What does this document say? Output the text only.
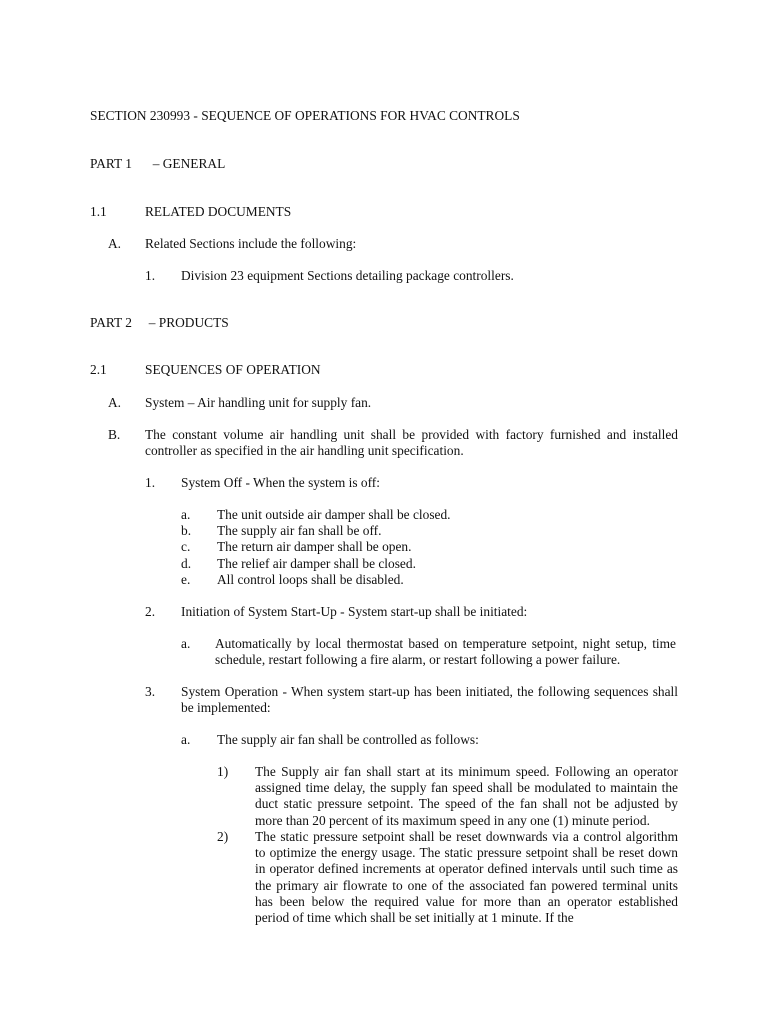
SECTION 230993 - SEQUENCE OF OPERATIONS FOR HVAC CONTROLS
PART 1 – GENERAL
1.1	RELATED DOCUMENTS
A. Related Sections include the following:
1. Division 23 equipment Sections detailing package controllers.
PART 2 – PRODUCTS
2.1	SEQUENCES OF OPERATION
A. System – Air handling unit for supply fan.
B. The constant volume air handling unit shall be provided with factory furnished and installed controller as specified in the air handling unit specification.
1. System Off - When the system is off:
a.	The unit outside air damper shall be closed.
b.	The supply air fan shall be off.
c.	The return air damper shall be open.
d.	The relief air damper shall be closed.
e.	All control loops shall be disabled.
2. Initiation of System Start-Up - System start-up shall be initiated:
a. Automatically by local thermostat based on temperature setpoint, night setup, time schedule, restart following a fire alarm, or restart following a power failure.
3. System Operation - When system start-up has been initiated, the following sequences shall be implemented:
a. The supply air fan shall be controlled as follows:
1) The Supply air fan shall start at its minimum speed. Following an operator assigned time delay, the supply fan speed shall be modulated to maintain the duct static pressure setpoint. The speed of the fan shall not be adjusted by more than 20 percent of its maximum speed in any one (1) minute period.
2) The static pressure setpoint shall be reset downwards via a control algorithm to optimize the energy usage. The static pressure setpoint shall be reset down in operator defined increments at operator defined intervals until such time as the primary air flowrate to one of the associated fan powered terminal units has been below the required value for more than an operator established period of time which shall be set initially at 1 minute. If the
